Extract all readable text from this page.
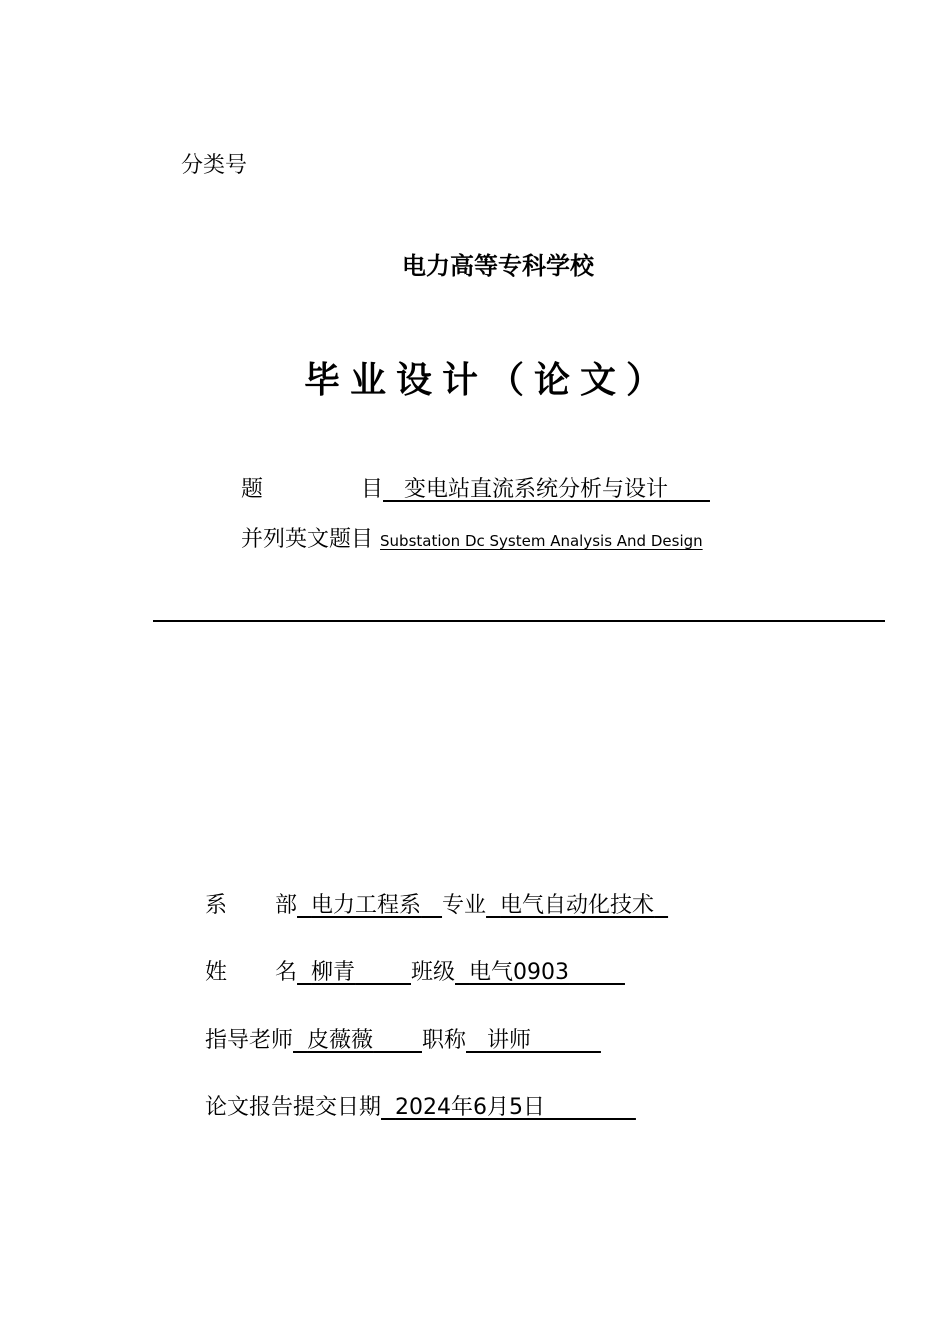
分类号
电力高等专科学校
毕业设计（论文）
题	目 变电站直流系统分析与设计
并列英文题目 Substation Dc System Analysis And Design
系 部 电力工程系 专业 电气自动化技术
姓 名 柳青	班级 电气0903
指导老师 皮薇薇 职称 讲师
论文报告提交日期 2024年6月5日
